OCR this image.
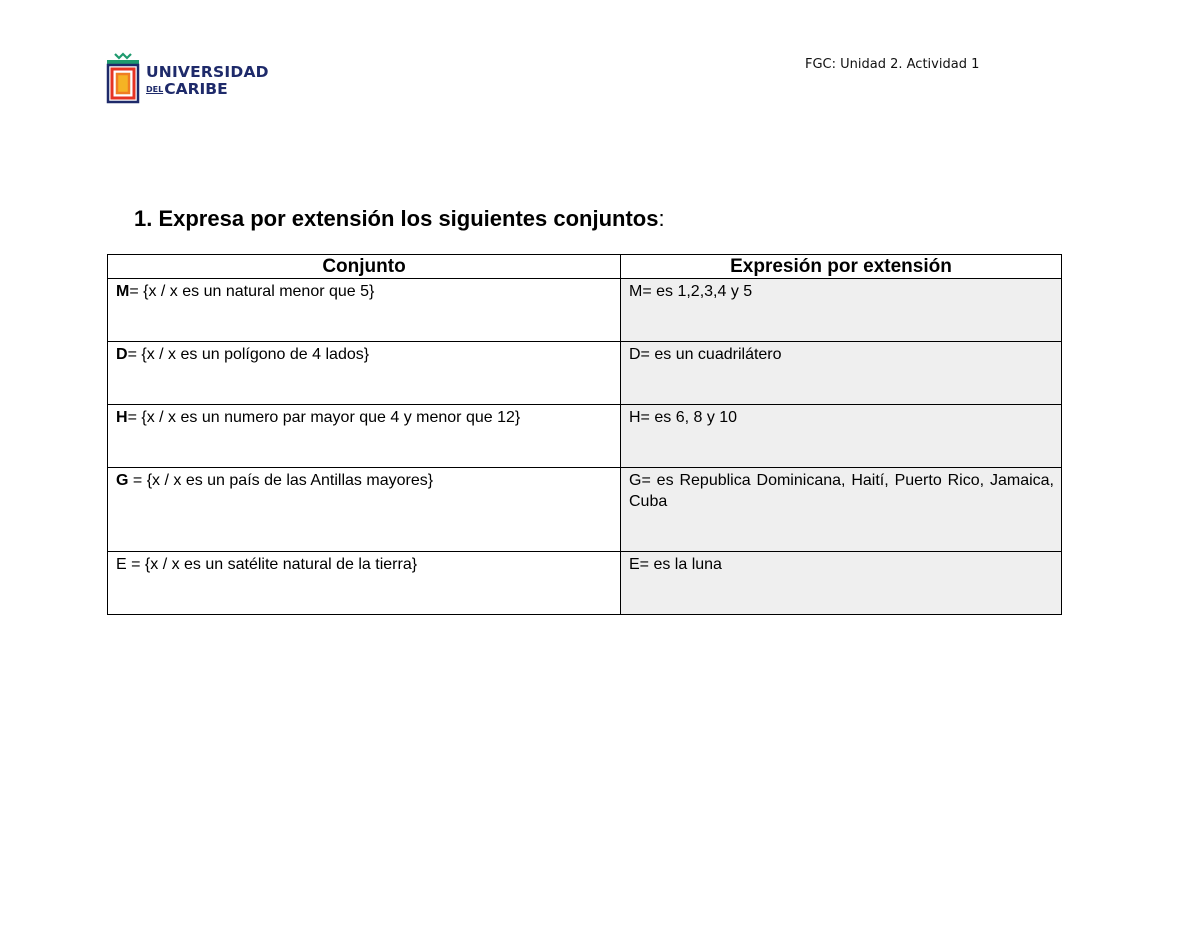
UNIVERSIDAD
DELCARIBE
FGC: Unidad 2. Actividad 1
1. Expresa por extensión los siguientes conjuntos:
Conjunto	Expresión por extensión
M= {x / x es un natural menor que 5}	M= es 1,2,3,4 y 5
D= {x / x es un polígono de 4 lados}	D= es un cuadrilátero
H= {x / x es un numero par mayor que 4 y menor que 12}	H= es 6, 8 y 10
G = {x / x es un país de las Antillas mayores}	G= es Republica Dominicana, Haití, Puerto Rico, Jamaica, Cuba
E = {x / x es un satélite natural de la tierra}	E= es la luna
